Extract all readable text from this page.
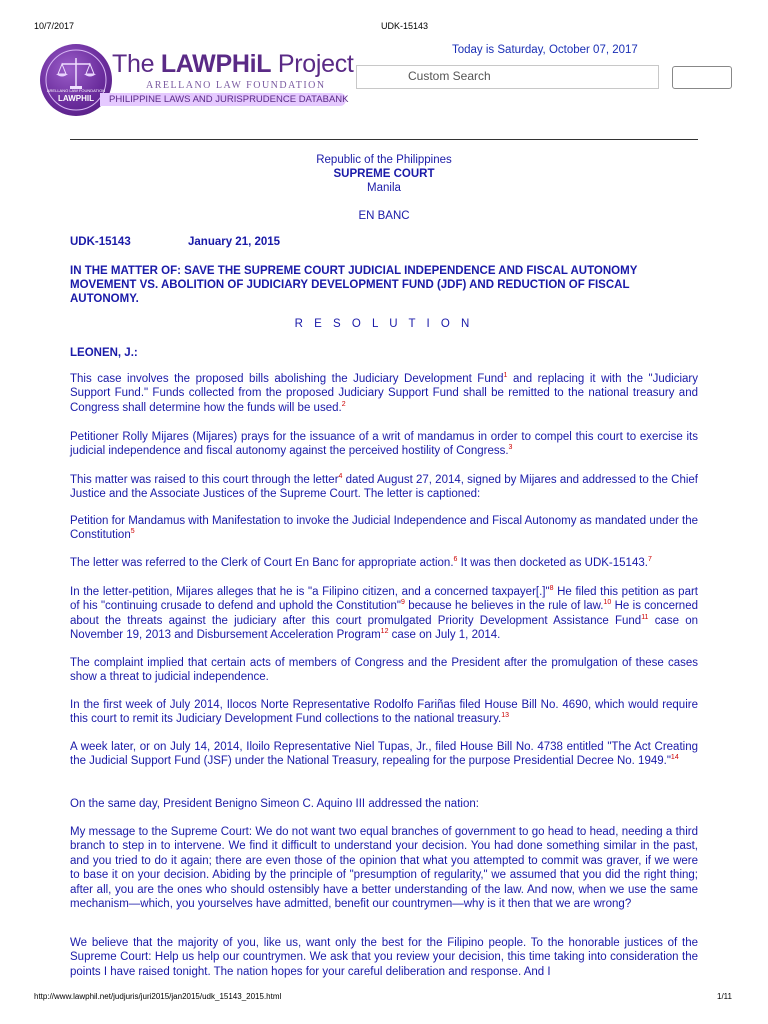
10/7/2017	UDK-15143
ARELLANO LAW FOUNDATION
LAWPHIL
The LAWPHiL Project
ARELLANO LAW FOUNDATION
PHILIPPINE LAWS AND JURISPRUDENCE DATABANK
Today is Saturday, October 07, 2017
Custom Search
Republic of the Philippines
SUPREME COURT
Manila
EN BANC
UDK-15143	January 21, 2015
IN THE MATTER OF: SAVE THE SUPREME COURT JUDICIAL INDEPENDENCE AND FISCAL AUTONOMY MOVEMENT VS. ABOLITION OF JUDICIARY DEVELOPMENT FUND (JDF) AND REDUCTION OF FISCAL AUTONOMY.
R E S O L U T I O N
LEONEN, J.:

This case involves the proposed bills abolishing the Judiciary Development Fund$^1$ and replacing it with the "Judiciary Support Fund." Funds collected from the proposed Judiciary Support Fund shall be remitted to the national treasury and Congress shall determine how the funds will be used.$^2$

Petitioner Rolly Mijares (Mijares) prays for the issuance of a writ of mandamus in order to compel this court to exercise its judicial independence and fiscal autonomy against the perceived hostility of Congress.$^3$

This matter was raised to this court through the letter$^4$ dated August 27, 2014, signed by Mijares and addressed to the Chief Justice and the Associate Justices of the Supreme Court. The letter is captioned:

Petition for Mandamus with Manifestation to invoke the Judicial Independence and Fiscal Autonomy as mandated under the Constitution$^5$

The letter was referred to the Clerk of Court En Banc for appropriate action.$^6$ It was then docketed as UDK-15143.$^7$

In the letter-petition, Mijares alleges that he is "a Filipino citizen, and a concerned taxpayer[.]"$^8$ He filed this petition as part of his "continuing crusade to defend and uphold the Constitution"$^9$ because he believes in the rule of law.$^{10}$ He is concerned about the threats against the judiciary after this court promulgated Priority Development Assistance Fund$^{11}$ case on November 19, 2013 and Disbursement Acceleration Program$^{12}$ case on July 1, 2014.

The complaint implied that certain acts of members of Congress and the President after the promulgation of these cases show a threat to judicial independence.

In the first week of July 2014, Ilocos Norte Representative Rodolfo Fariñas filed House Bill No. 4690, which would require this court to remit its Judiciary Development Fund collections to the national treasury.$^{13}$

A week later, or on July 14, 2014, Iloilo Representative Niel Tupas, Jr., filed House Bill No. 4738 entitled "The Act Creating the Judicial Support Fund (JSF) under the National Treasury, repealing for the purpose Presidential Decree No. 1949."$^{14}$

On the same day, President Benigno Simeon C. Aquino III addressed the nation:

My message to the Supreme Court: We do not want two equal branches of government to go head to head, needing a third branch to step in to intervene. We find it difficult to understand your decision. You had done something similar in the past, and you tried to do it again; there are even those of the opinion that what you attempted to commit was graver, if we were to base it on your decision. Abiding by the principle of "presumption of regularity," we assumed that you did the right thing; after all, you are the ones who should ostensibly have a better understanding of the law. And now, when we use the same mechanism—which, you yourselves have admitted, benefit our countrymen—why is it then that we are wrong?

We believe that the majority of you, like us, want only the best for the Filipino people. To the honorable justices of the Supreme Court: Help us help our countrymen. We ask that you review your decision, this time taking into consideration the points I have raised tonight. The nation hopes for your careful deliberation and response. And I

http://www.lawphil.net/judjuris/juri2015/jan2015/udk_15143_2015.html	1/11
